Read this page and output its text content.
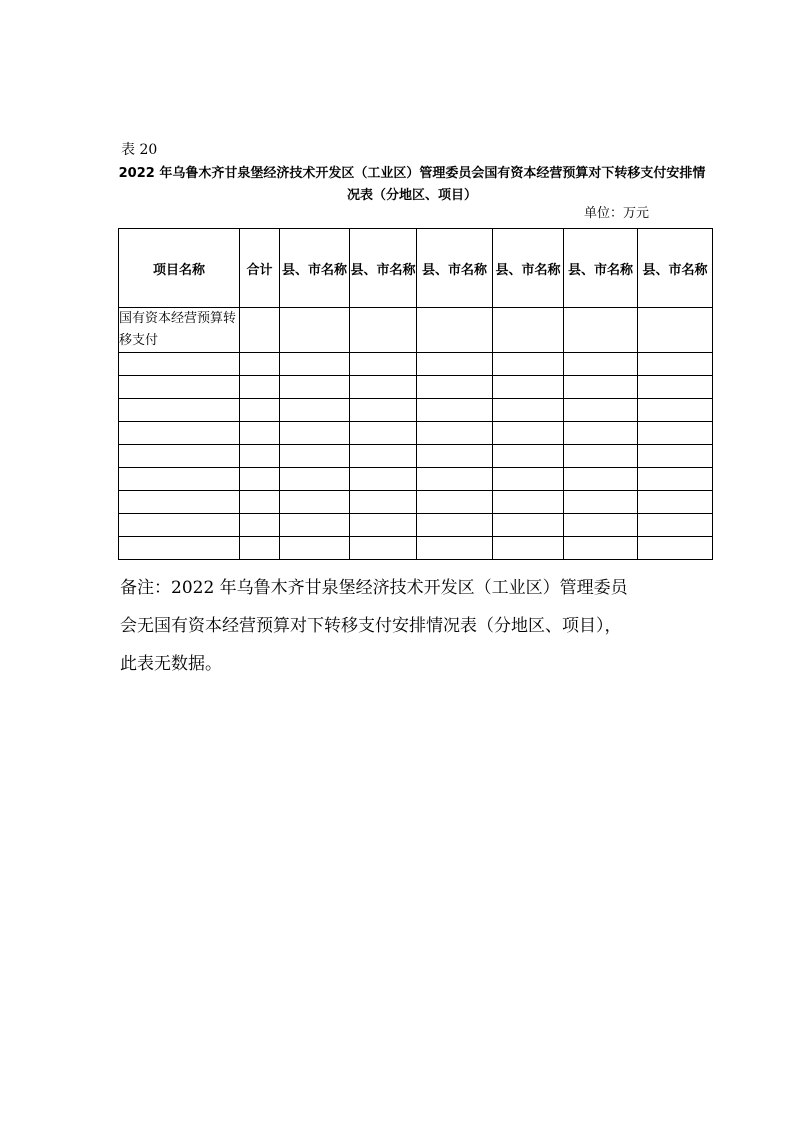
表 20
2022 年乌鲁木齐甘泉堡经济技术开发区（工业区）管理委员会国有资本经营预算对下转移支付安排情
况表（分地区、项目）
单位：万元
项目名称	合计	县、市名称	县、市名称	县、市名称	县、市名称	县、市名称	县、市名称
国有资本经营预算转移支付							

备注：2022 年乌鲁木齐甘泉堡经济技术开发区（工业区）管理委员

会无国有资本经营预算对下转移支付安排情况表（分地区、项目），

此表无数据。
